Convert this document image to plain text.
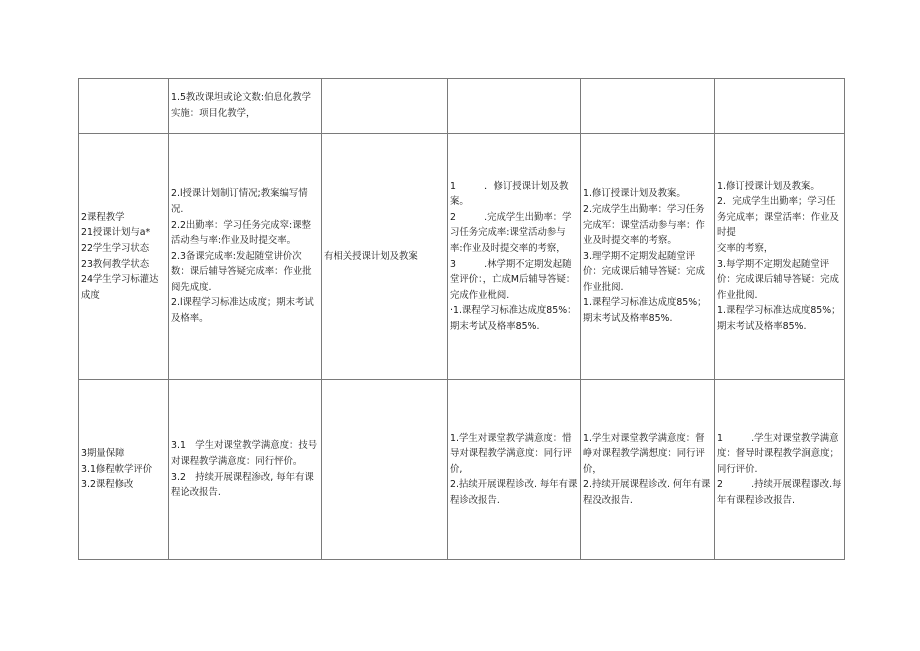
	1.5教改课坦或论文数:伯息化教学实施：项目化教学，				

2课程教学
21授课计划与a*
22学生学习状态
23教何教学状态
24学生学习标灌达成度	2.l授课计划制订情况;教案编写情况.
2.2出勤率：学习任务完成窣:课整活动叁与率:作业及时提交率。
2.3备课完成率:发起随堂讲价次数：课后辅导答疑完成率：作业批阅先成度.
2.l课程学习标准达成度；期末考试及格率。	有相关授课计划及教案	1　　　．修订授课计划及教案。
2　　　.完成学生出勤率：学习任务完成率:课堂活动参与率:作业及时提交率的考察，
3　　　.林学期不定期发起随堂评价：，亡成M后辅导答疑：完成作业枇阅.
·1.课程学习标准达成度85%：期末考试及格率85%.	1.修订授课计划及教案。
2.完成学生出勤率：学习任务完成军：课堂活动参与率：作业及时提交率的考察。
3.理学期不定期发起随堂评价：完成课后辅导答疑：完成作业批阅.
1.课程学习标准达成度85%；期末考试及格率85%.	1.修订授课计划及教案。
2．完成学生出勤率；学习任务完成率；课堂活率：作业及时提
交率的考察，
3.每学期不定期发起随堂评价：完成课后辅导答疑：完成作业批阅.
1.课程学习标准达成度85%；期末考试及格率85%.

3期量保障
3.1修程軟学评价
3.2课程修改	3.1　学生对课堂教学满意度：技号对课程教学满意度：同行怦价。
3.2　持续开展课程渗改, 每年有课程论改报告.		1.学生对课堂教学满意度：惜导对课程教学满意度：同行评价,
2.拈续开展课程诊改. 每年有课程诊改报告.	1.学生对课堂教学满意度：督峥对课程教学满想度：同行评价，
2.持续开展课程诊改. 何年有课程没改报告.	1　　　.学生对课堂教学满意度：督导时课程教学涧意度；同行评价.
2　　　.持续开展课程谬改.每年有课程诊改报告.
